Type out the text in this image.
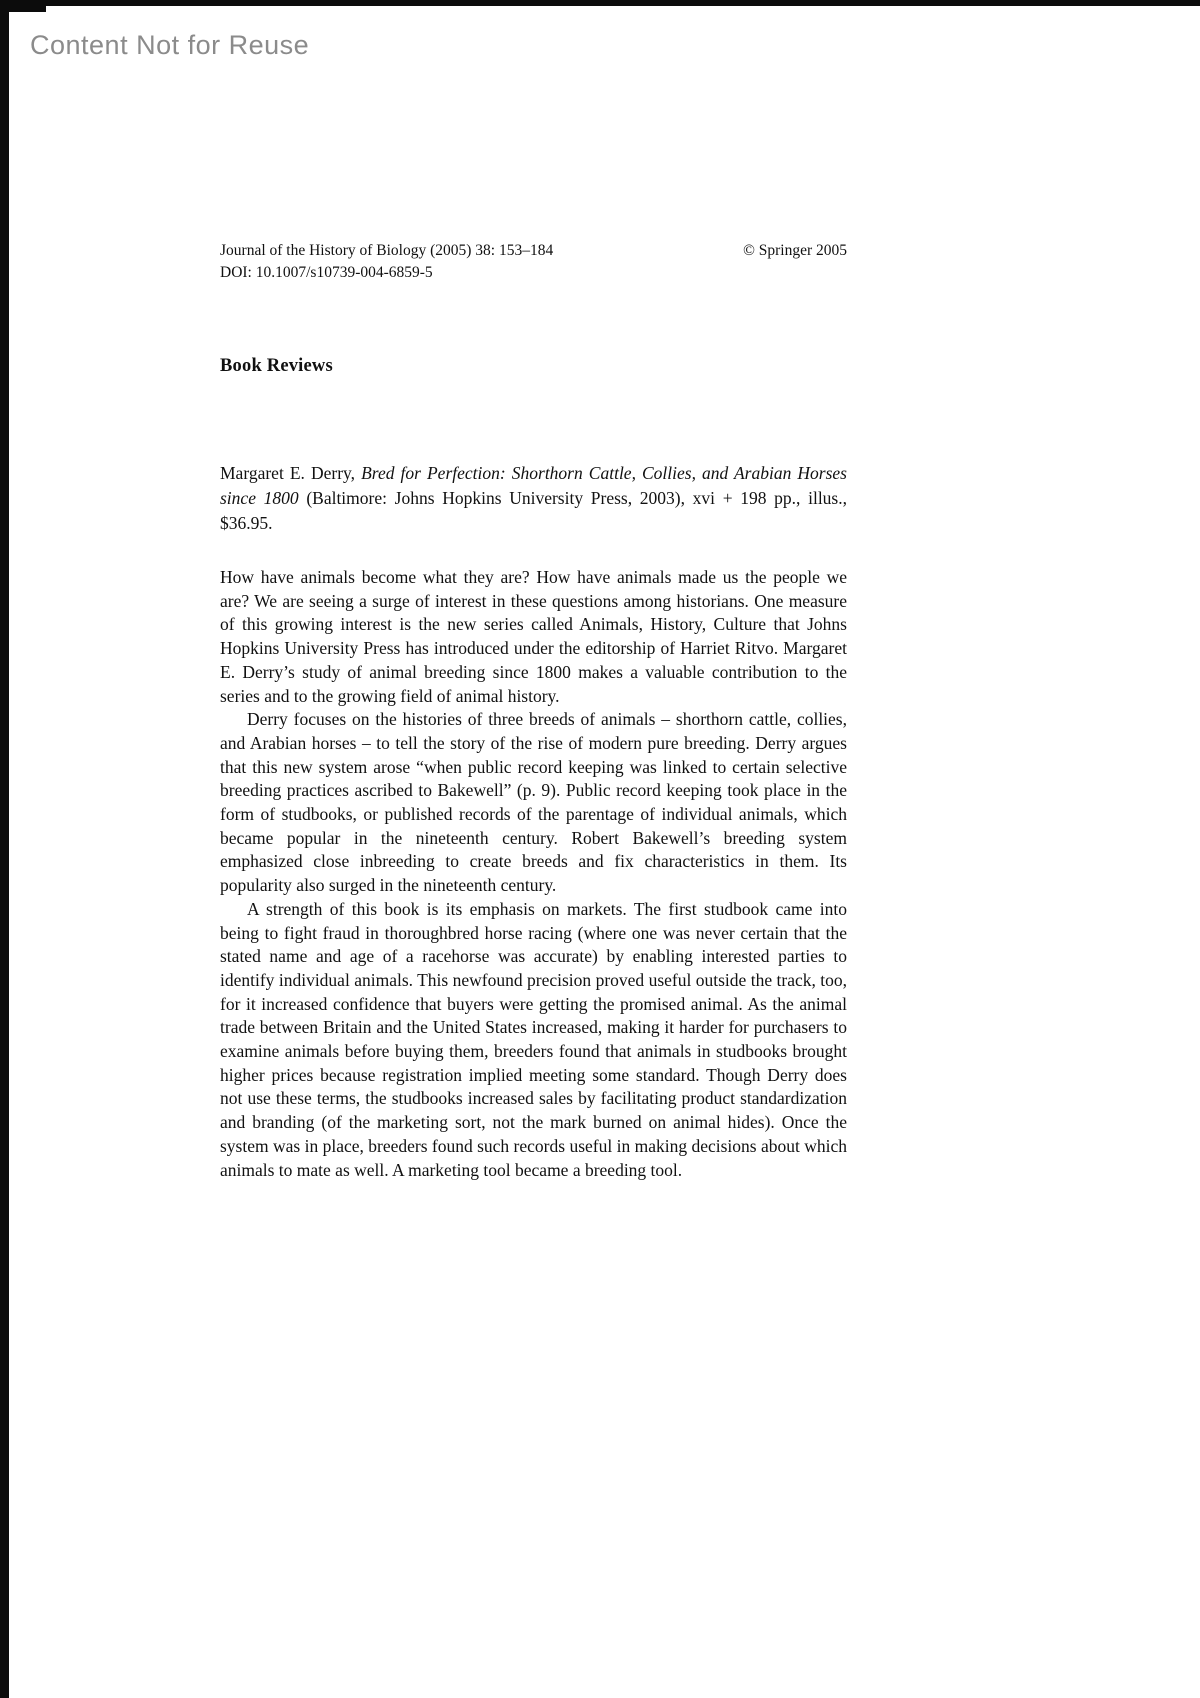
Content Not for Reuse
Journal of the History of Biology (2005) 38: 153–184	© Springer 2005
DOI: 10.1007/s10739-004-6859-5
Book Reviews

Margaret E. Derry, Bred for Perfection: Shorthorn Cattle, Collies, and Arabian Horses since 1800 (Baltimore: Johns Hopkins University Press, 2003), xvi + 198 pp., illus., $36.95.

How have animals become what they are? How have animals made us the people we are? We are seeing a surge of interest in these questions among historians. One measure of this growing interest is the new series called Animals, History, Culture that Johns Hopkins University Press has introduced under the editorship of Harriet Ritvo. Margaret E. Derry’s study of animal breeding since 1800 makes a valuable contribution to the series and to the growing field of animal history.

Derry focuses on the histories of three breeds of animals – shorthorn cattle, collies, and Arabian horses – to tell the story of the rise of modern pure breeding. Derry argues that this new system arose “when public record keeping was linked to certain selective breeding practices ascribed to Bakewell” (p. 9). Public record keeping took place in the form of studbooks, or published records of the parentage of individual animals, which became popular in the nineteenth century. Robert Bakewell’s breeding system emphasized close inbreeding to create breeds and fix characteristics in them. Its popularity also surged in the nineteenth century.

A strength of this book is its emphasis on markets. The first studbook came into being to fight fraud in thoroughbred horse racing (where one was never certain that the stated name and age of a racehorse was accurate) by enabling interested parties to identify individual animals. This newfound precision proved useful outside the track, too, for it increased confidence that buyers were getting the promised animal. As the animal trade between Britain and the United States increased, making it harder for purchasers to examine animals before buying them, breeders found that animals in studbooks brought higher prices because registration implied meeting some standard. Though Derry does not use these terms, the studbooks increased sales by facilitating product standardization and branding (of the marketing sort, not the mark burned on animal hides). Once the system was in place, breeders found such records useful in making decisions about which animals to mate as well. A marketing tool became a breeding tool.
